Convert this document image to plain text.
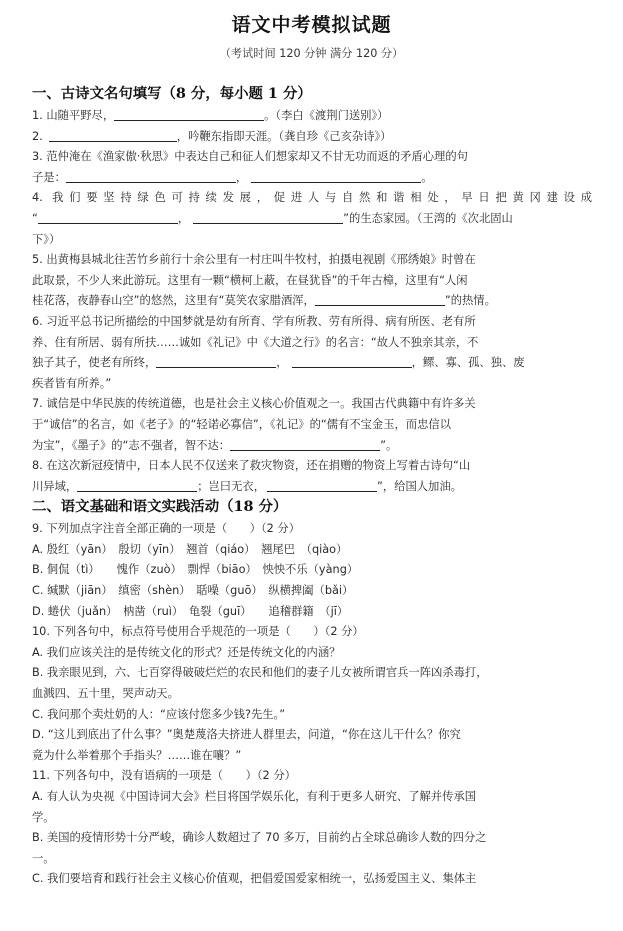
语文中考模拟试题
（考试时间 120 分钟 满分 120 分）
一、古诗文名句填写（8 分，每小题 1 分）
1. 山随平野尽，	。（李白《渡荆门送别》）
2.	，吟鞭东指即天涯。（龚自珍《己亥杂诗》）
3. 范仲淹在《渔家傲·秋思》中表达自己和征人们想家却又不甘无功而返的矛盾心理的句
子是：	，	。
4. 我们要坚持绿色可持续发展，促进人与自然和谐相处，早日把黄冈建设成
“	，	”的生态家园。（王湾的《次北固山
下》）
5. 出黄梅县城北往苦竹乡前行十余公里有一村庄叫牛牧村，拍摄电视剧《邢绣娘》时曾在
此取景，不少人来此游玩。这里有一颗“横柯上蔽，在昼犹昏”的千年古樟，这里有“人闲
桂花落，夜静春山空”的悠然，这里有“莫笑农家腊酒浑，	”的热情。
6. 习近平总书记所描绘的中国梦就是幼有所育、学有所教、劳有所得、病有所医、老有所
养、住有所居、弱有所扶……诚如《礼记》中《大道之行》的名言：“故人不独亲其亲，不
独子其子，使老有所终，	，	，鳏、寡、孤、独、废
疾者皆有所养。”
7. 诚信是中华民族的传统道德，也是社会主义核心价值观之一。我国古代典籍中有许多关
于“诚信”的名言，如《老子》的“轻诺必寡信”，《礼记》的“儒有不宝金玉，而忠信以
为宝”，《墨子》的“志不强者，智不达：	”。
8. 在这次新冠疫情中，日本人民不仅送来了救灾物资，还在捐赠的物资上写着古诗句“山
川异域，	；岂曰无衣，	”，给国人加油。
二、语文基础和语文实践活动（18 分）
9. 下列加点字注音全部正确的一项是（　　）（2 分）
A. 殷红（yān）　殷切（yīn）　翘首（qiáo）　翘尾巴　（qiào）
B. 侗侃（tì）　　愧作（zuò）　剽悍（biāo）　怏怏不乐（yàng）
C. 缄默（jiān）　缜密（shèn）　聒噪（guō）　纵横捭阖（bǎi）
D. 蜷伏（juǎn）　枘凿（ruì）　龟裂（guī）　　追稽群籍　（jī）
10. 下列各句中，标点符号使用合乎规范的一项是（　　）（2 分）
A. 我们应该关注的是传统文化的形式？还是传统文化的内涵？
B. 我亲眼见到，六、七百穿得破破烂烂的农民和他们的妻子儿女被所谓官兵一阵凶杀毒打，
血溅四、五十里，哭声动天。
C. 我问那个卖灶奶的人：“应该付您多少钱?先生。”
D. “这儿到底出了什么事？”奥楚蔑洛夫挤进人群里去，问道，“你在这儿干什么？你究
竟为什么举着那个手指头？……谁在嚷？”
11. 下列各句中，没有语病的一项是（　　）（2 分）
A. 有人认为央视《中国诗词大会》栏目将国学娱乐化，有利于更多人研究、了解并传承国
学。
B. 美国的疫情形势十分严峻，确诊人数超过了 70 多万，目前约占全球总确诊人数的四分之
一。
C. 我们要培育和践行社会主义核心价值观，把倡爱国爱家相统一，弘扬爱国主义、集体主
